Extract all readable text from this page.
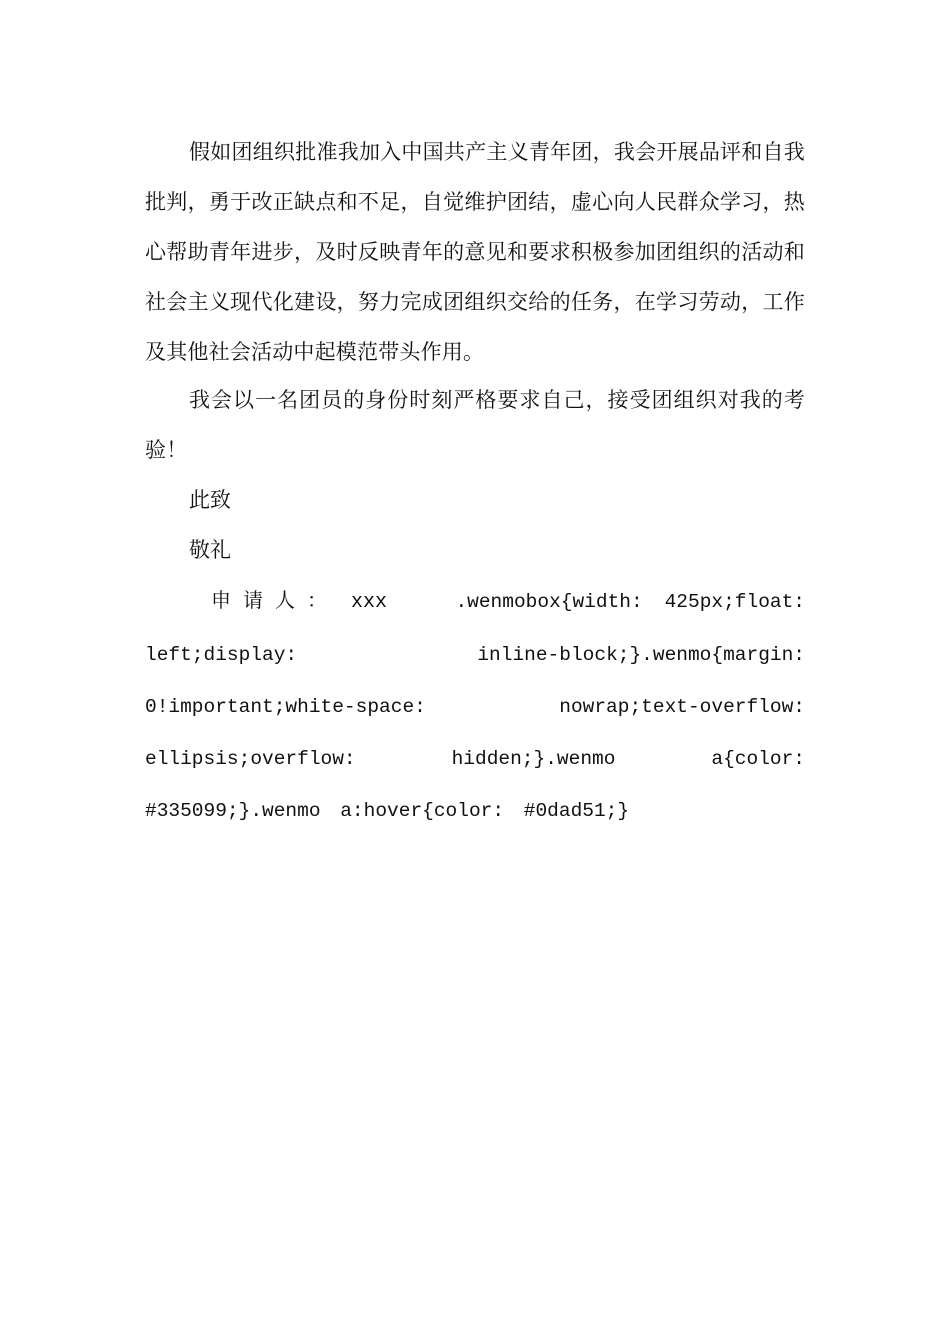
假如团组织批准我加入中国共产主义青年团，我会开展品评和自我批判，勇于改正缺点和不足，自觉维护团结，虚心向人民群众学习，热心帮助青年进步，及时反映青年的意见和要求积极参加团组织的活动和社会主义现代化建设，努力完成团组织交给的任务，在学习劳动，工作及其他社会活动中起模范带头作用。

我会以一名团员的身份时刻严格要求自己，接受团组织对我的考验！

此致

敬礼

申请人： xxx	.wenmobox{width: 425px;float: left;display: inline-block;}.wenmo{margin: 0!important;white-space: nowrap;text-overflow: ellipsis;overflow: hidden;}.wenmo a{color: #335099;}.wenmo a:hover{color: #0dad51;}
